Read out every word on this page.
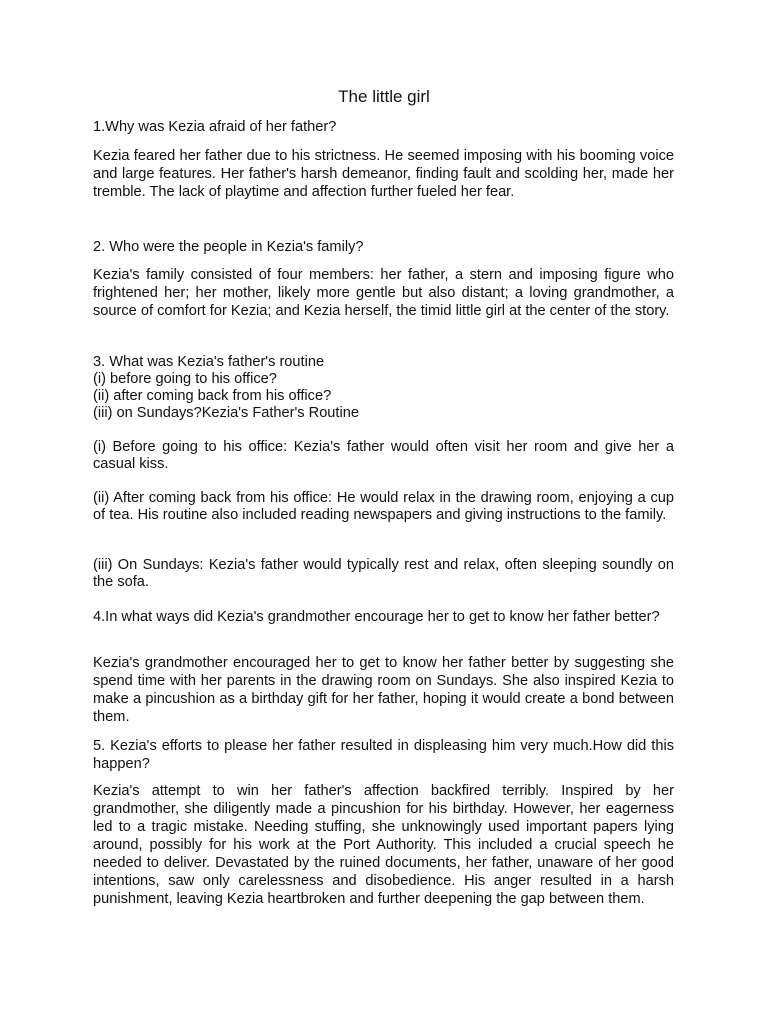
The little girl

1.Why was Kezia afraid of her father?

Kezia feared her father due to his strictness. He seemed imposing with his booming voice and large features. Her father's harsh demeanor, finding fault and scolding her, made her tremble. The lack of playtime and affection further fueled her fear.

2. Who were the people in Kezia's family?

Kezia's family consisted of four members: her father, a stern and imposing figure who frightened her; her mother, likely more gentle but also distant; a loving grandmother, a source of comfort for Kezia; and Kezia herself, the timid little girl at the center of the story.

3. What was Kezia's father's routine
(i) before going to his office?
(ii) after coming back from his office?
(iii) on Sundays?Kezia's Father's Routine

(i) Before going to his office: Kezia's father would often visit her room and give her a casual kiss.

(ii) After coming back from his office: He would relax in the drawing room, enjoying a cup of tea. His routine also included reading newspapers and giving instructions to the family.

(iii) On Sundays: Kezia's father would typically rest and relax, often sleeping soundly on the sofa.

4.In what ways did Kezia's grandmother encourage her to get to know her father better?

Kezia's grandmother encouraged her to get to know her father better by suggesting she spend time with her parents in the drawing room on Sundays. She also inspired Kezia to make a pincushion as a birthday gift for her father, hoping it would create a bond between them.

5. Kezia's efforts to please her father resulted in displeasing him very much.How did this happen?

Kezia's attempt to win her father's affection backfired terribly. Inspired by her grandmother, she diligently made a pincushion for his birthday. However, her eagerness led to a tragic mistake. Needing stuffing, she unknowingly used important papers lying around, possibly for his work at the Port Authority. This included a crucial speech he needed to deliver. Devastated by the ruined documents, her father, unaware of her good intentions, saw only carelessness and disobedience. His anger resulted in a harsh punishment, leaving Kezia heartbroken and further deepening the gap between them.
